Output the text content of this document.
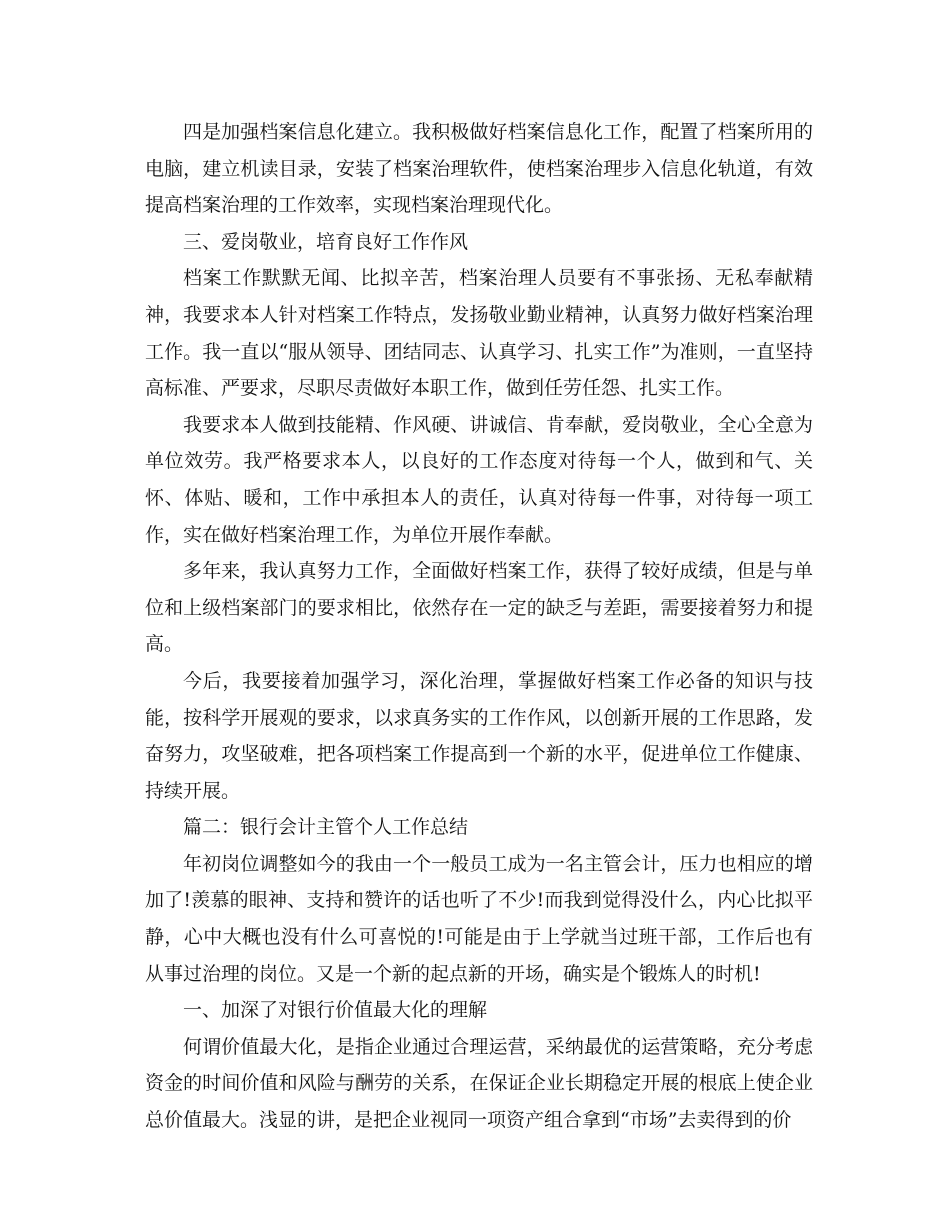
四是加强档案信息化建立。我积极做好档案信息化工作，配置了档案所用的电脑，建立机读目录，安装了档案治理软件，使档案治理步入信息化轨道，有效提高档案治理的工作效率，实现档案治理现代化。

三、爱岗敬业，培育良好工作作风

档案工作默默无闻、比拟辛苦，档案治理人员要有不事张扬、无私奉献精神，我要求本人针对档案工作特点，发扬敬业勤业精神，认真努力做好档案治理工作。我一直以“服从领导、团结同志、认真学习、扎实工作”为准则，一直坚持高标准、严要求，尽职尽责做好本职工作，做到任劳任怨、扎实工作。

我要求本人做到技能精、作风硬、讲诚信、肯奉献，爱岗敬业，全心全意为单位效劳。我严格要求本人，以良好的工作态度对待每一个人，做到和气、关怀、体贴、暖和，工作中承担本人的责任，认真对待每一件事，对待每一项工作，实在做好档案治理工作，为单位开展作奉献。

多年来，我认真努力工作，全面做好档案工作，获得了较好成绩，但是与单位和上级档案部门的要求相比，依然存在一定的缺乏与差距，需要接着努力和提高。

今后，我要接着加强学习，深化治理，掌握做好档案工作必备的知识与技能，按科学开展观的要求，以求真务实的工作作风，以创新开展的工作思路，发奋努力，攻坚破难，把各项档案工作提高到一个新的水平，促进单位工作健康、持续开展。

篇二：银行会计主管个人工作总结

年初岗位调整如今的我由一个一般员工成为一名主管会计，压力也相应的增加了!羡慕的眼神、支持和赞许的话也听了不少!而我到觉得没什么，内心比拟平静，心中大概也没有什么可喜悦的!可能是由于上学就当过班干部，工作后也有从事过治理的岗位。又是一个新的起点新的开场，确实是个锻炼人的时机!

一、加深了对银行价值最大化的理解

何谓价值最大化，是指企业通过合理运营，采纳最优的运营策略，充分考虑资金的时间价值和风险与酬劳的关系，在保证企业长期稳定开展的根底上使企业总价值最大。浅显的讲，是把企业视同一项资产组合拿到“市场”去卖得到的价
